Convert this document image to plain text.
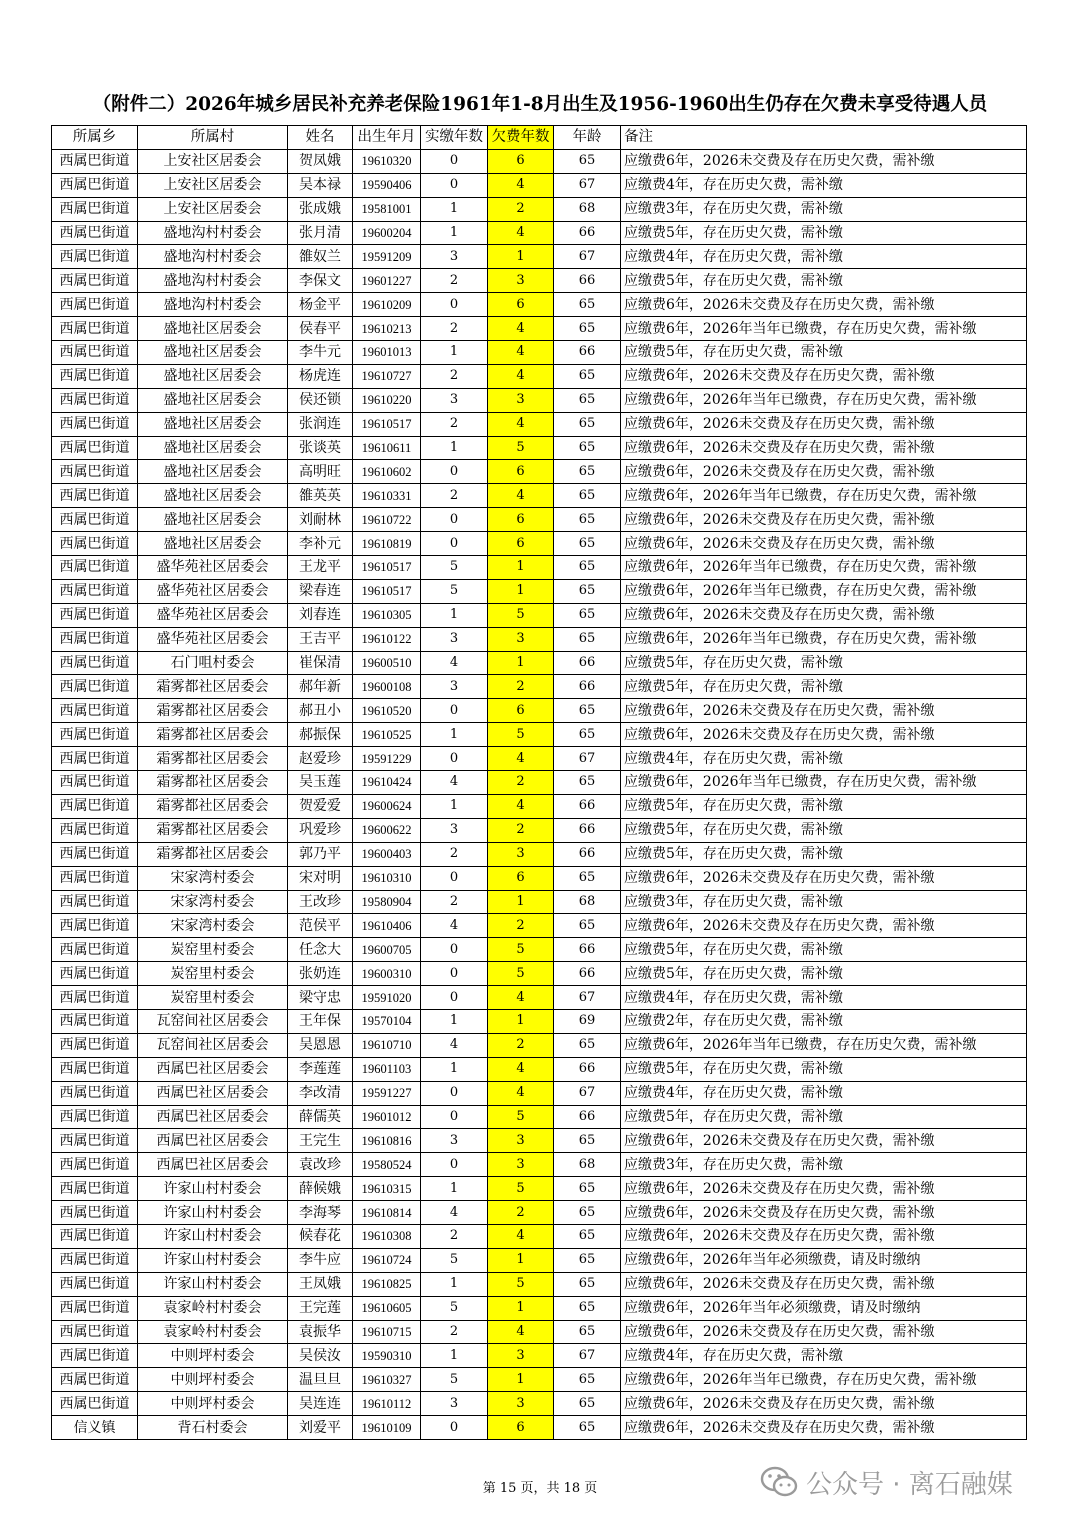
（附件二）2026年城乡居民补充养老保险1961年1-8月出生及1956-1960出生仍存在欠费未享受待遇人员
所属乡	所属村	姓名	出生年月	实缴年数	欠费年数	年龄	备注
西属巴街道	上安社区居委会	贺凤娥	19610320	0	6	65	应缴费6年，2026未交费及存在历史欠费，需补缴
西属巴街道	上安社区居委会	吴本禄	19590406	0	4	67	应缴费4年，存在历史欠费，需补缴
西属巴街道	上安社区居委会	张成娥	19581001	1	2	68	应缴费3年，存在历史欠费，需补缴
西属巴街道	盛地沟村村委会	张月清	19600204	1	4	66	应缴费5年，存在历史欠费，需补缴
西属巴街道	盛地沟村村委会	雒奴兰	19591209	3	1	67	应缴费4年，存在历史欠费，需补缴
西属巴街道	盛地沟村村委会	李保文	19601227	2	3	66	应缴费5年，存在历史欠费，需补缴
西属巴街道	盛地沟村村委会	杨金平	19610209	0	6	65	应缴费6年，2026未交费及存在历史欠费，需补缴
西属巴街道	盛地社区居委会	侯春平	19610213	2	4	65	应缴费6年，2026年当年已缴费，存在历史欠费，需补缴
西属巴街道	盛地社区居委会	李牛元	19601013	1	4	66	应缴费5年，存在历史欠费，需补缴
西属巴街道	盛地社区居委会	杨虎连	19610727	2	4	65	应缴费6年，2026未交费及存在历史欠费，需补缴
西属巴街道	盛地社区居委会	侯还锁	19610220	3	3	65	应缴费6年，2026年当年已缴费，存在历史欠费，需补缴
西属巴街道	盛地社区居委会	张润连	19610517	2	4	65	应缴费6年，2026未交费及存在历史欠费，需补缴
西属巴街道	盛地社区居委会	张谈英	19610611	1	5	65	应缴费6年，2026未交费及存在历史欠费，需补缴
西属巴街道	盛地社区居委会	高明旺	19610602	0	6	65	应缴费6年，2026未交费及存在历史欠费，需补缴
西属巴街道	盛地社区居委会	雒英英	19610331	2	4	65	应缴费6年，2026年当年已缴费，存在历史欠费，需补缴
西属巴街道	盛地社区居委会	刘耐林	19610722	0	6	65	应缴费6年，2026未交费及存在历史欠费，需补缴
西属巴街道	盛地社区居委会	李补元	19610819	0	6	65	应缴费6年，2026未交费及存在历史欠费，需补缴
西属巴街道	盛华苑社区居委会	王龙平	19610517	5	1	65	应缴费6年，2026年当年已缴费，存在历史欠费，需补缴
西属巴街道	盛华苑社区居委会	梁春连	19610517	5	1	65	应缴费6年，2026年当年已缴费，存在历史欠费，需补缴
西属巴街道	盛华苑社区居委会	刘春连	19610305	1	5	65	应缴费6年，2026未交费及存在历史欠费，需补缴
西属巴街道	盛华苑社区居委会	王吉平	19610122	3	3	65	应缴费6年，2026年当年已缴费，存在历史欠费，需补缴
西属巴街道	石门咀村委会	崔保清	19600510	4	1	66	应缴费5年，存在历史欠费，需补缴
西属巴街道	霜雾都社区居委会	郝年新	19600108	3	2	66	应缴费5年，存在历史欠费，需补缴
西属巴街道	霜雾都社区居委会	郝丑小	19610520	0	6	65	应缴费6年，2026未交费及存在历史欠费，需补缴
西属巴街道	霜雾都社区居委会	郝振保	19610525	1	5	65	应缴费6年，2026未交费及存在历史欠费，需补缴
西属巴街道	霜雾都社区居委会	赵爱珍	19591229	0	4	67	应缴费4年，存在历史欠费，需补缴
西属巴街道	霜雾都社区居委会	吴玉莲	19610424	4	2	65	应缴费6年，2026年当年已缴费，存在历史欠费，需补缴
西属巴街道	霜雾都社区居委会	贺爱爱	19600624	1	4	66	应缴费5年，存在历史欠费，需补缴
西属巴街道	霜雾都社区居委会	巩爱珍	19600622	3	2	66	应缴费5年，存在历史欠费，需补缴
西属巴街道	霜雾都社区居委会	郭乃平	19600403	2	3	66	应缴费5年，存在历史欠费，需补缴
西属巴街道	宋家湾村委会	宋对明	19610310	0	6	65	应缴费6年，2026未交费及存在历史欠费，需补缴
西属巴街道	宋家湾村委会	王改珍	19580904	2	1	68	应缴费3年，存在历史欠费，需补缴
西属巴街道	宋家湾村委会	范侯平	19610406	4	2	65	应缴费6年，2026未交费及存在历史欠费，需补缴
西属巴街道	炭窑里村委会	任念大	19600705	0	5	66	应缴费5年，存在历史欠费，需补缴
西属巴街道	炭窑里村委会	张奶连	19600310	0	5	66	应缴费5年，存在历史欠费，需补缴
西属巴街道	炭窑里村委会	梁守忠	19591020	0	4	67	应缴费4年，存在历史欠费，需补缴
西属巴街道	瓦窑间社区居委会	王年保	19570104	1	1	69	应缴费2年，存在历史欠费，需补缴
西属巴街道	瓦窑间社区居委会	吴恩恩	19610710	4	2	65	应缴费6年，2026年当年已缴费，存在历史欠费，需补缴
西属巴街道	西属巴社区居委会	李莲莲	19601103	1	4	66	应缴费5年，存在历史欠费，需补缴
西属巴街道	西属巴社区居委会	李改清	19591227	0	4	67	应缴费4年，存在历史欠费，需补缴
西属巴街道	西属巴社区居委会	薛儒英	19601012	0	5	66	应缴费5年，存在历史欠费，需补缴
西属巴街道	西属巴社区居委会	王完生	19610816	3	3	65	应缴费6年，2026未交费及存在历史欠费，需补缴
西属巴街道	西属巴社区居委会	袁改珍	19580524	0	3	68	应缴费3年，存在历史欠费，需补缴
西属巴街道	许家山村村委会	薛候娥	19610315	1	5	65	应缴费6年，2026未交费及存在历史欠费，需补缴
西属巴街道	许家山村村委会	李海琴	19610814	4	2	65	应缴费6年，2026未交费及存在历史欠费，需补缴
西属巴街道	许家山村村委会	候春花	19610308	2	4	65	应缴费6年，2026未交费及存在历史欠费，需补缴
西属巴街道	许家山村村委会	李牛应	19610724	5	1	65	应缴费6年，2026年当年必须缴费，请及时缴纳
西属巴街道	许家山村村委会	王凤娥	19610825	1	5	65	应缴费6年，2026未交费及存在历史欠费，需补缴
西属巴街道	袁家岭村村委会	王完莲	19610605	5	1	65	应缴费6年，2026年当年必须缴费，请及时缴纳
西属巴街道	袁家岭村村委会	袁振华	19610715	2	4	65	应缴费6年，2026未交费及存在历史欠费，需补缴
西属巴街道	中则坪村委会	吴侯汝	19590310	1	3	67	应缴费4年，存在历史欠费，需补缴
西属巴街道	中则坪村委会	温旦旦	19610327	5	1	65	应缴费6年，2026年当年已缴费，存在历史欠费，需补缴
西属巴街道	中则坪村委会	吴连连	19610112	3	3	65	应缴费6年，2026未交费及存在历史欠费，需补缴
信义镇	背石村委会	刘爱平	19610109	0	6	65	应缴费6年，2026未交费及存在历史欠费，需补缴
第 15 页，共 18 页	公众号 · 离石融媒
